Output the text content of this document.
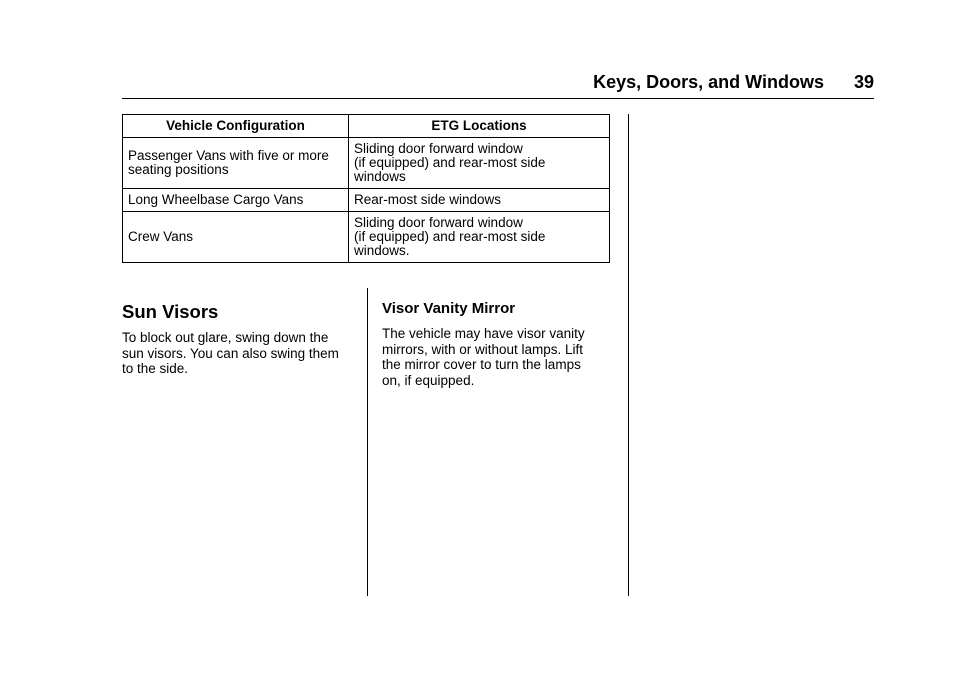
Keys, Doors, and Windows 39
Vehicle Configuration	ETG Locations

Passenger Vans with five or more
seating positions	Sliding door forward window
(if equipped) and rear-most side
windows

Long Wheelbase Cargo Vans	Rear-most side windows

Crew Vans	Sliding door forward window
(if equipped) and rear-most side
windows.
Sun Visors
To block out glare, swing down the
sun visors. You can also swing them
to the side.
Visor Vanity Mirror
The vehicle may have visor vanity
mirrors, with or without lamps. Lift
the mirror cover to turn the lamps
on, if equipped.
